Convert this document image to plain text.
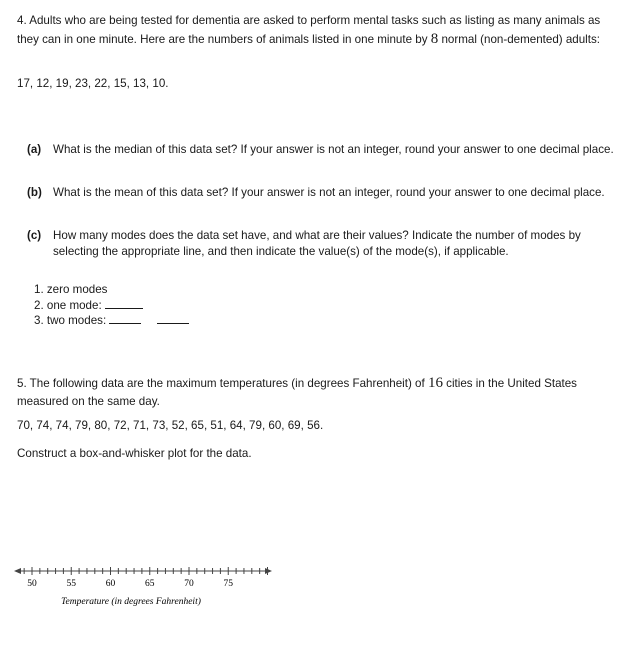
4. Adults who are being tested for dementia are asked to perform mental tasks such as listing as many animals as they can in one minute. Here are the numbers of animals listed in one minute by 8 normal (non-demented) adults:
17, 12, 19, 23, 22, 15, 13, 10.
(a) What is the median of this data set? If your answer is not an integer, round your answer to one decimal place.
(b) What is the mean of this data set? If your answer is not an integer, round your answer to one decimal place.
(c) How many modes does the data set have, and what are their values? Indicate the number of modes by selecting the appropriate line, and then indicate the value(s) of the mode(s), if applicable.
1. zero modes
2. one mode:
3. two modes:
5. The following data are the maximum temperatures (in degrees Fahrenheit) of 16 cities in the United States measured on the same day.
70, 74, 74, 79, 80, 72, 71, 73, 52, 65, 51, 64, 79, 60, 69, 56.
Construct a box-and-whisker plot for the data.
50	55	60	65	70	75
Temperature (in degrees Fahrenheit)
